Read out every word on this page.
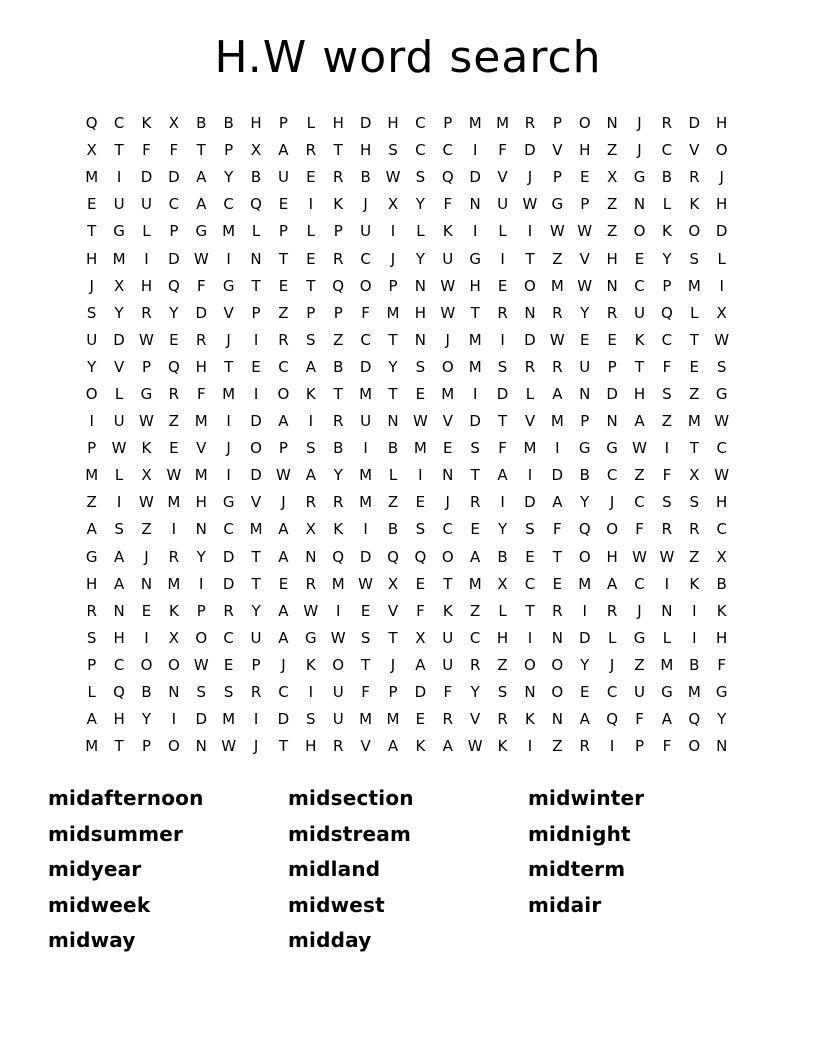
H.W word search
Q	C	K	X	B	B	H	P	L	H	D	H	C	P	M M	R	P	O	N	J	R	D	H
X	T	F	F	T	P	X	A	R	T	H	S	C	C	I	F	D	V	H	Z	J	C	V	O
M	I	D	D	A	Y	B	U	E	R	B W	S	Q	D	V	J	P	E	X	G	B	R	J
E	U	U	C	A	C	Q	E	I	K	J	X	Y	F	N	U W G	P	Z	N	L	K	H
T	G	L	P	G	M	L	P	L	P	U	I	L	K	I	L	I	W W Z	O	K	O	D
H	M	I	D W	I	N	T	E	R	C	J	Y	U	G	I	T	Z	V	H	E	Y	S	L
J	X	H	Q	F	G	T	E	T	Q	O	P	N W H	E	O	M W N	C	P	M	I
S	Y	R	Y	D	V	P	Z	P	P	F	M	H W	T	R	N	R	Y	R	U	Q	L	X
U	D W	E	R	J	I	R	S	Z	C	T	N	J	M	I	D W	E	E	K	C	T	W
Y	V	P	Q	H	T	E	C	A	B	D	Y	S	O	M	S	R	R	U	P	T	F	E	S
O	L	G	R	F	M	I	O	K	T	M	T	E	M	I	D	L	A	N	D	H	S	Z	G
I	U W Z	M	I	D	A	I	R	U	N W V	D	T	V	M	P	N	A	Z	M W
P	W	K	E	V	J	O	P	S	B	I	B	M	E	S	F	M	I	G	G W	I	T	C
M	L	X W M	I	D W A	Y	M	L	I	N	T	A	I	D	B	C	Z	F	X W
Z	I	W M	H	G	V	J	R	R	M	Z	E	J	R	I	D	A	Y	J	C	S	S	H
A	S	Z	I	N	C	M	A	X	K	I	B	S	C	E	Y	S	F	Q	O	F	R	R	C
G	A	J	R	Y	D	T	A	N	Q	D	Q	Q	O	A	B	E	T	O	H W W Z	X
H	A	N	M	I	D	T	E	R	M W X	E	T	M	X	C	E	M	A	C	I	K	B
R	N	E	K	P	R	Y	A W	I	E	V	F	K	Z	L	T	R	I	R	J	N	I	K
S	H	I	X	O	C	U	A	G W	S	T	X	U	C	H	I	N	D	L	G	L	I	H
P	C	O	O W	E	P	J	K	O	T	J	A	U	R	Z	O	O	Y	J	Z	M	B	F
L	Q	B	N	S	S	R	C	I	U	F	P	D	F	Y	S	N	O	E	C	U	G	M	G
A	H	Y	I	D	M	I	D	S	U	M M	E	R	V	R	K	N	A	Q	F	A	Q	Y
M	T	P	O	N W	J	T	H	R	V	A	K	A W	K	I	Z	R	I	P	F	O	N
midafternoon
midsummer
midyear
midweek
midway
midsection
midstream
midland
midwest
midday
midwinter
midnight
midterm
midair
